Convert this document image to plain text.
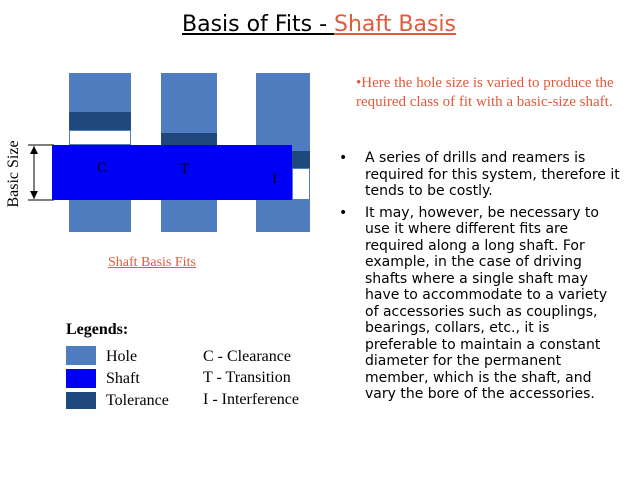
Basis of Fits - Shaft Basis
Basic Size	C	T
I
Shaft Basis Fits
•Here the hole size is varied to produce the required class of fit with a basic-size shaft.
• A series of drills and reamers is required for this system, therefore it tends to be costly.
• It may, however, be necessary to use it where different fits are required along a long shaft. For example, in the case of driving shafts where a single shaft may have to accommodate to a variety of accessories such as couplings, bearings, collars, etc., it is preferable to maintain a constant diameter for the permanent member, which is the shaft, and vary the bore of the accessories.
Legends:
Hole
Shaft
Tolerance
C - Clearance
T - Transition
I - Interference
